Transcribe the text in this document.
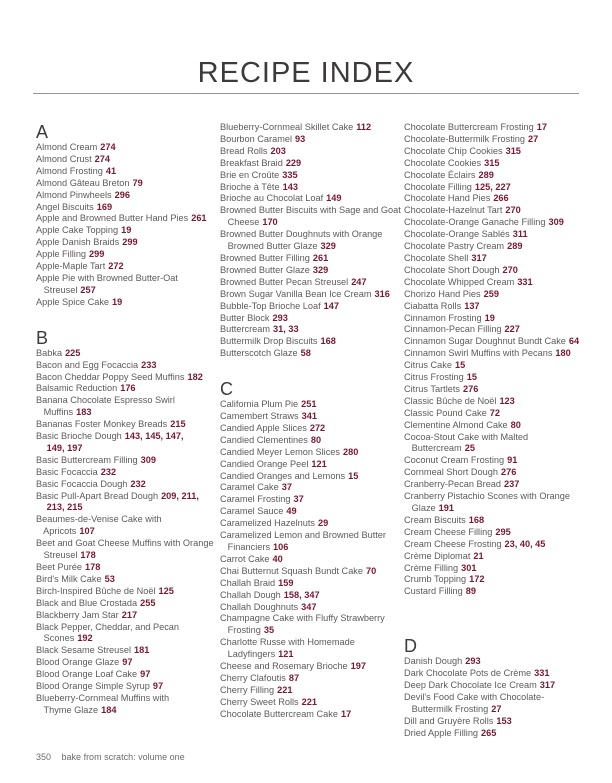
RECIPE INDEX
A
Almond Cream 274
Almond Crust 274
Almond Frosting 41
Almond Gâteau Breton 79
Almond Pinwheels 296
Angel Biscuits 169
Apple and Browned Butter Hand Pies 261
Apple Cake Topping 19
Apple Danish Braids 299
Apple Filling 299
Apple-Maple Tart 272
Apple Pie with Browned Butter-Oat
Streusel 257
Apple Spice Cake 19
B
Babka 225
Bacon and Egg Focaccia 233
Bacon Cheddar Poppy Seed Muffins 182
Balsamic Reduction 176
Banana Chocolate Espresso Swirl
Muffins 183
Bananas Foster Monkey Breads 215
Basic Brioche Dough 143, 145, 147,
149, 197
Basic Buttercream Filling 309
Basic Focaccia 232
Basic Focaccia Dough 232
Basic Pull-Apart Bread Dough 209, 211,
213, 215
Beaumes-de-Venise Cake with
Apricots 107
Beet and Goat Cheese Muffins with Orange
Streusel 178
Beet Purée 178
Bird's Milk Cake 53
Birch-Inspired Bûche de Noël 125
Black and Blue Crostada 255
Blackberry Jam Star 217
Black Pepper, Cheddar, and Pecan
Scones 192
Black Sesame Streusel 181
Blood Orange Glaze 97
Blood Orange Loaf Cake 97
Blood Orange Simple Syrup 97
Blueberry-Cornmeal Muffins with
Thyme Glaze 184
Blueberry-Cornmeal Skillet Cake 112
Bourbon Caramel 93
Bread Rolls 203
Breakfast Braid 229
Brie en Croûte 335
Brioche à Tête 143
Brioche au Chocolat Loaf 149
Browned Butter Biscuits with Sage and Goat
Cheese 170
Browned Butter Doughnuts with Orange
Browned Butter Glaze 329
Browned Butter Filling 261
Browned Butter Glaze 329
Browned Butter Pecan Streusel 247
Brown Sugar Vanilla Bean Ice Cream 316
Bubble-Top Brioche Loaf 147
Butter Block 293
Buttercream 31, 33
Buttermilk Drop Biscuits 168
Butterscotch Glaze 58
C
California Plum Pie 251
Camembert Straws 341
Candied Apple Slices 272
Candied Clementines 80
Candied Meyer Lemon Slices 280
Candied Orange Peel 121
Candied Oranges and Lemons 15
Caramel Cake 37
Caramel Frosting 37
Caramel Sauce 49
Caramelized Hazelnuts 29
Caramelized Lemon and Browned Butter
Financiers 106
Carrot Cake 40
Chai Butternut Squash Bundt Cake 70
Challah Braid 159
Challah Dough 158, 347
Challah Doughnuts 347
Champagne Cake with Fluffy Strawberry
Frosting 35
Charlotte Russe with Homemade
Ladyfingers 121
Cheese and Rosemary Brioche 197
Cherry Clafoutis 87
Cherry Filling 221
Cherry Sweet Rolls 221
Chocolate Buttercream Cake 17
Chocolate Buttercream Frosting 17
Chocolate-Buttermilk Frosting 27
Chocolate Chip Cookies 315
Chocolate Cookies 315
Chocolate Éclairs 289
Chocolate Filling 125, 227
Chocolate Hand Pies 266
Chocolate-Hazelnut Tart 270
Chocolate-Orange Ganache Filling 309
Chocolate-Orange Sablés 311
Chocolate Pastry Cream 289
Chocolate Shell 317
Chocolate Short Dough 270
Chocolate Whipped Cream 331
Chorizo Hand Pies 259
Ciabatta Rolls 137
Cinnamon Frosting 19
Cinnamon-Pecan Filling 227
Cinnamon Sugar Doughnut Bundt Cake 64
Cinnamon Swirl Muffins with Pecans 180
Citrus Cake 15
Citrus Frosting 15
Citrus Tartlets 276
Classic Bûche de Noël 123
Classic Pound Cake 72
Clementine Almond Cake 80
Cocoa-Stout Cake with Malted
Buttercream 25
Coconut Cream Frosting 91
Cornmeal Short Dough 276
Cranberry-Pecan Bread 237
Cranberry Pistachio Scones with Orange
Glaze 191
Cream Biscuits 168
Cream Cheese Filling 295
Cream Cheese Frosting 23, 40, 45
Crème Diplomat 21
Crème Filling 301
Crumb Topping 172
Custard Filling 89
D
Danish Dough 293
Dark Chocolate Pots de Crème 331
Deep Dark Chocolate Ice Cream 317
Devil's Food Cake with Chocolate-
Buttermilk Frosting 27
Dill and Gruyère Rolls 153
Dried Apple Filling 265
350 bake from scratch: volume one
